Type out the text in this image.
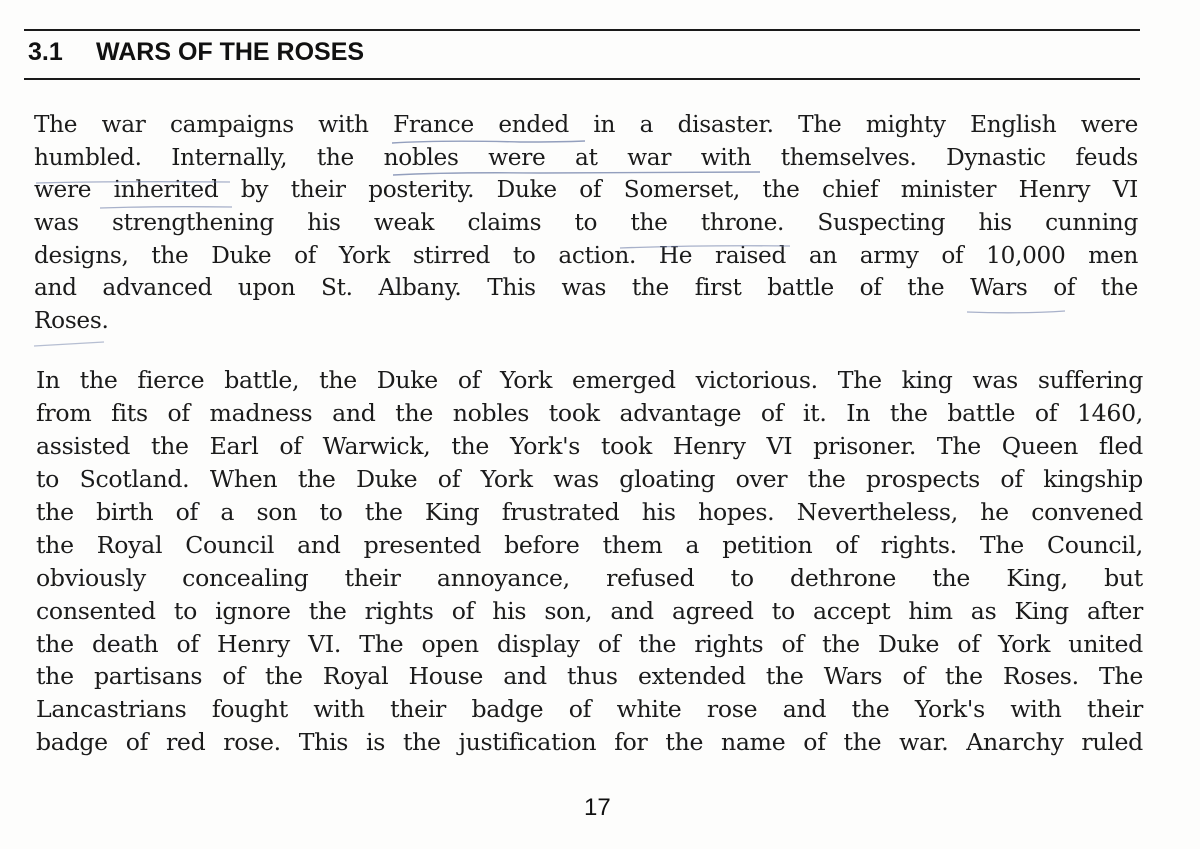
3.1 WARS OF THE ROSES
The war campaigns with France ended in a disaster. The mighty English were
humbled. Internally, the nobles were at war with themselves. Dynastic feuds
were inherited by their posterity. Duke of Somerset, the chief minister Henry VI
was strengthening his weak claims to the throne. Suspecting his cunning
designs, the Duke of York stirred to action. He raised an army of 10,000 men
and advanced upon St. Albany. This was the first battle of the Wars of the
Roses.
In the fierce battle, the Duke of York emerged victorious. The king was suffering
from fits of madness and the nobles took advantage of it. In the battle of 1460,
assisted the Earl of Warwick, the York's took Henry VI prisoner. The Queen fled
to Scotland. When the Duke of York was gloating over the prospects of kingship
the birth of a son to the King frustrated his hopes. Nevertheless, he convened
the Royal Council and presented before them a petition of rights. The Council,
obviously concealing their annoyance, refused to dethrone the King, but
consented to ignore the rights of his son, and agreed to accept him as King after
the death of Henry VI. The open display of the rights of the Duke of York united
the partisans of the Royal House and thus extended the Wars of the Roses. The
Lancastrians fought with their badge of white rose and the York's with their
badge of red rose. This is the justification for the name of the war. Anarchy ruled
17
